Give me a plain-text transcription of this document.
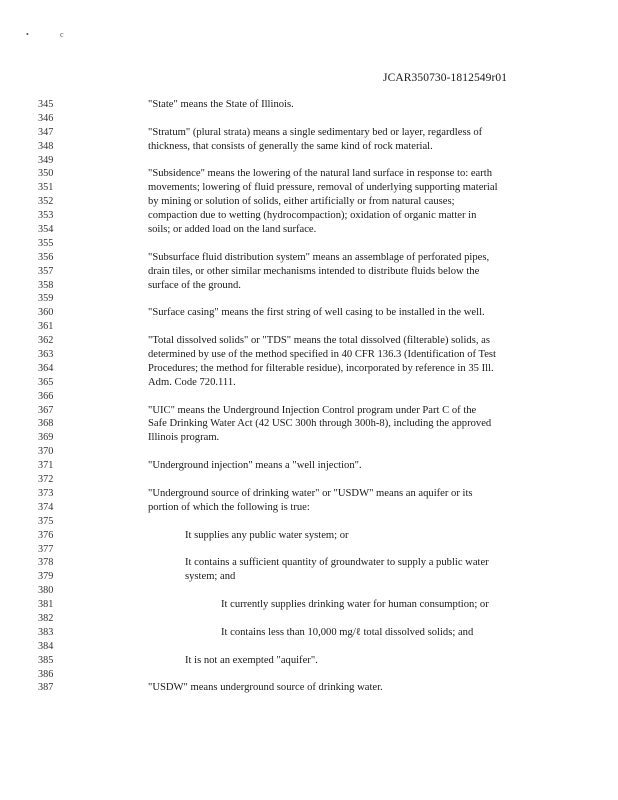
•	c
JCAR350730-1812549r01
345	"State" means the State of Illinois.
346
347	"Stratum" (plural strata) means a single sedimentary bed or layer, regardless of
348	thickness, that consists of generally the same kind of rock material.
349
350	"Subsidence" means the lowering of the natural land surface in response to: earth
351	movements; lowering of fluid pressure, removal of underlying supporting material
352	by mining or solution of solids, either artificially or from natural causes;
353	compaction due to wetting (hydrocompaction); oxidation of organic matter in
354	soils; or added load on the land surface.
355
356	"Subsurface fluid distribution system" means an assemblage of perforated pipes,
357	drain tiles, or other similar mechanisms intended to distribute fluids below the
358	surface of the ground.
359
360	"Surface casing" means the first string of well casing to be installed in the well.
361
362	"Total dissolved solids" or "TDS" means the total dissolved (filterable) solids, as
363	determined by use of the method specified in 40 CFR 136.3 (Identification of Test
364	Procedures; the method for filterable residue), incorporated by reference in 35 Ill.
365	Adm. Code 720.111.
366
367	"UIC" means the Underground Injection Control program under Part C of the
368	Safe Drinking Water Act (42 USC 300h through 300h-8), including the approved
369	Illinois program.
370
371	"Underground injection" means a "well injection".
372
373	"Underground source of drinking water" or "USDW" means an aquifer or its
374	portion of which the following is true:
375
376	It supplies any public water system; or
377
378	It contains a sufficient quantity of groundwater to supply a public water
379	system; and
380
381	It currently supplies drinking water for human consumption; or
382
383	It contains less than 10,000 mg/ℓ total dissolved solids; and
384
385	It is not an exempted "aquifer".
386
387	"USDW" means underground source of drinking water.
